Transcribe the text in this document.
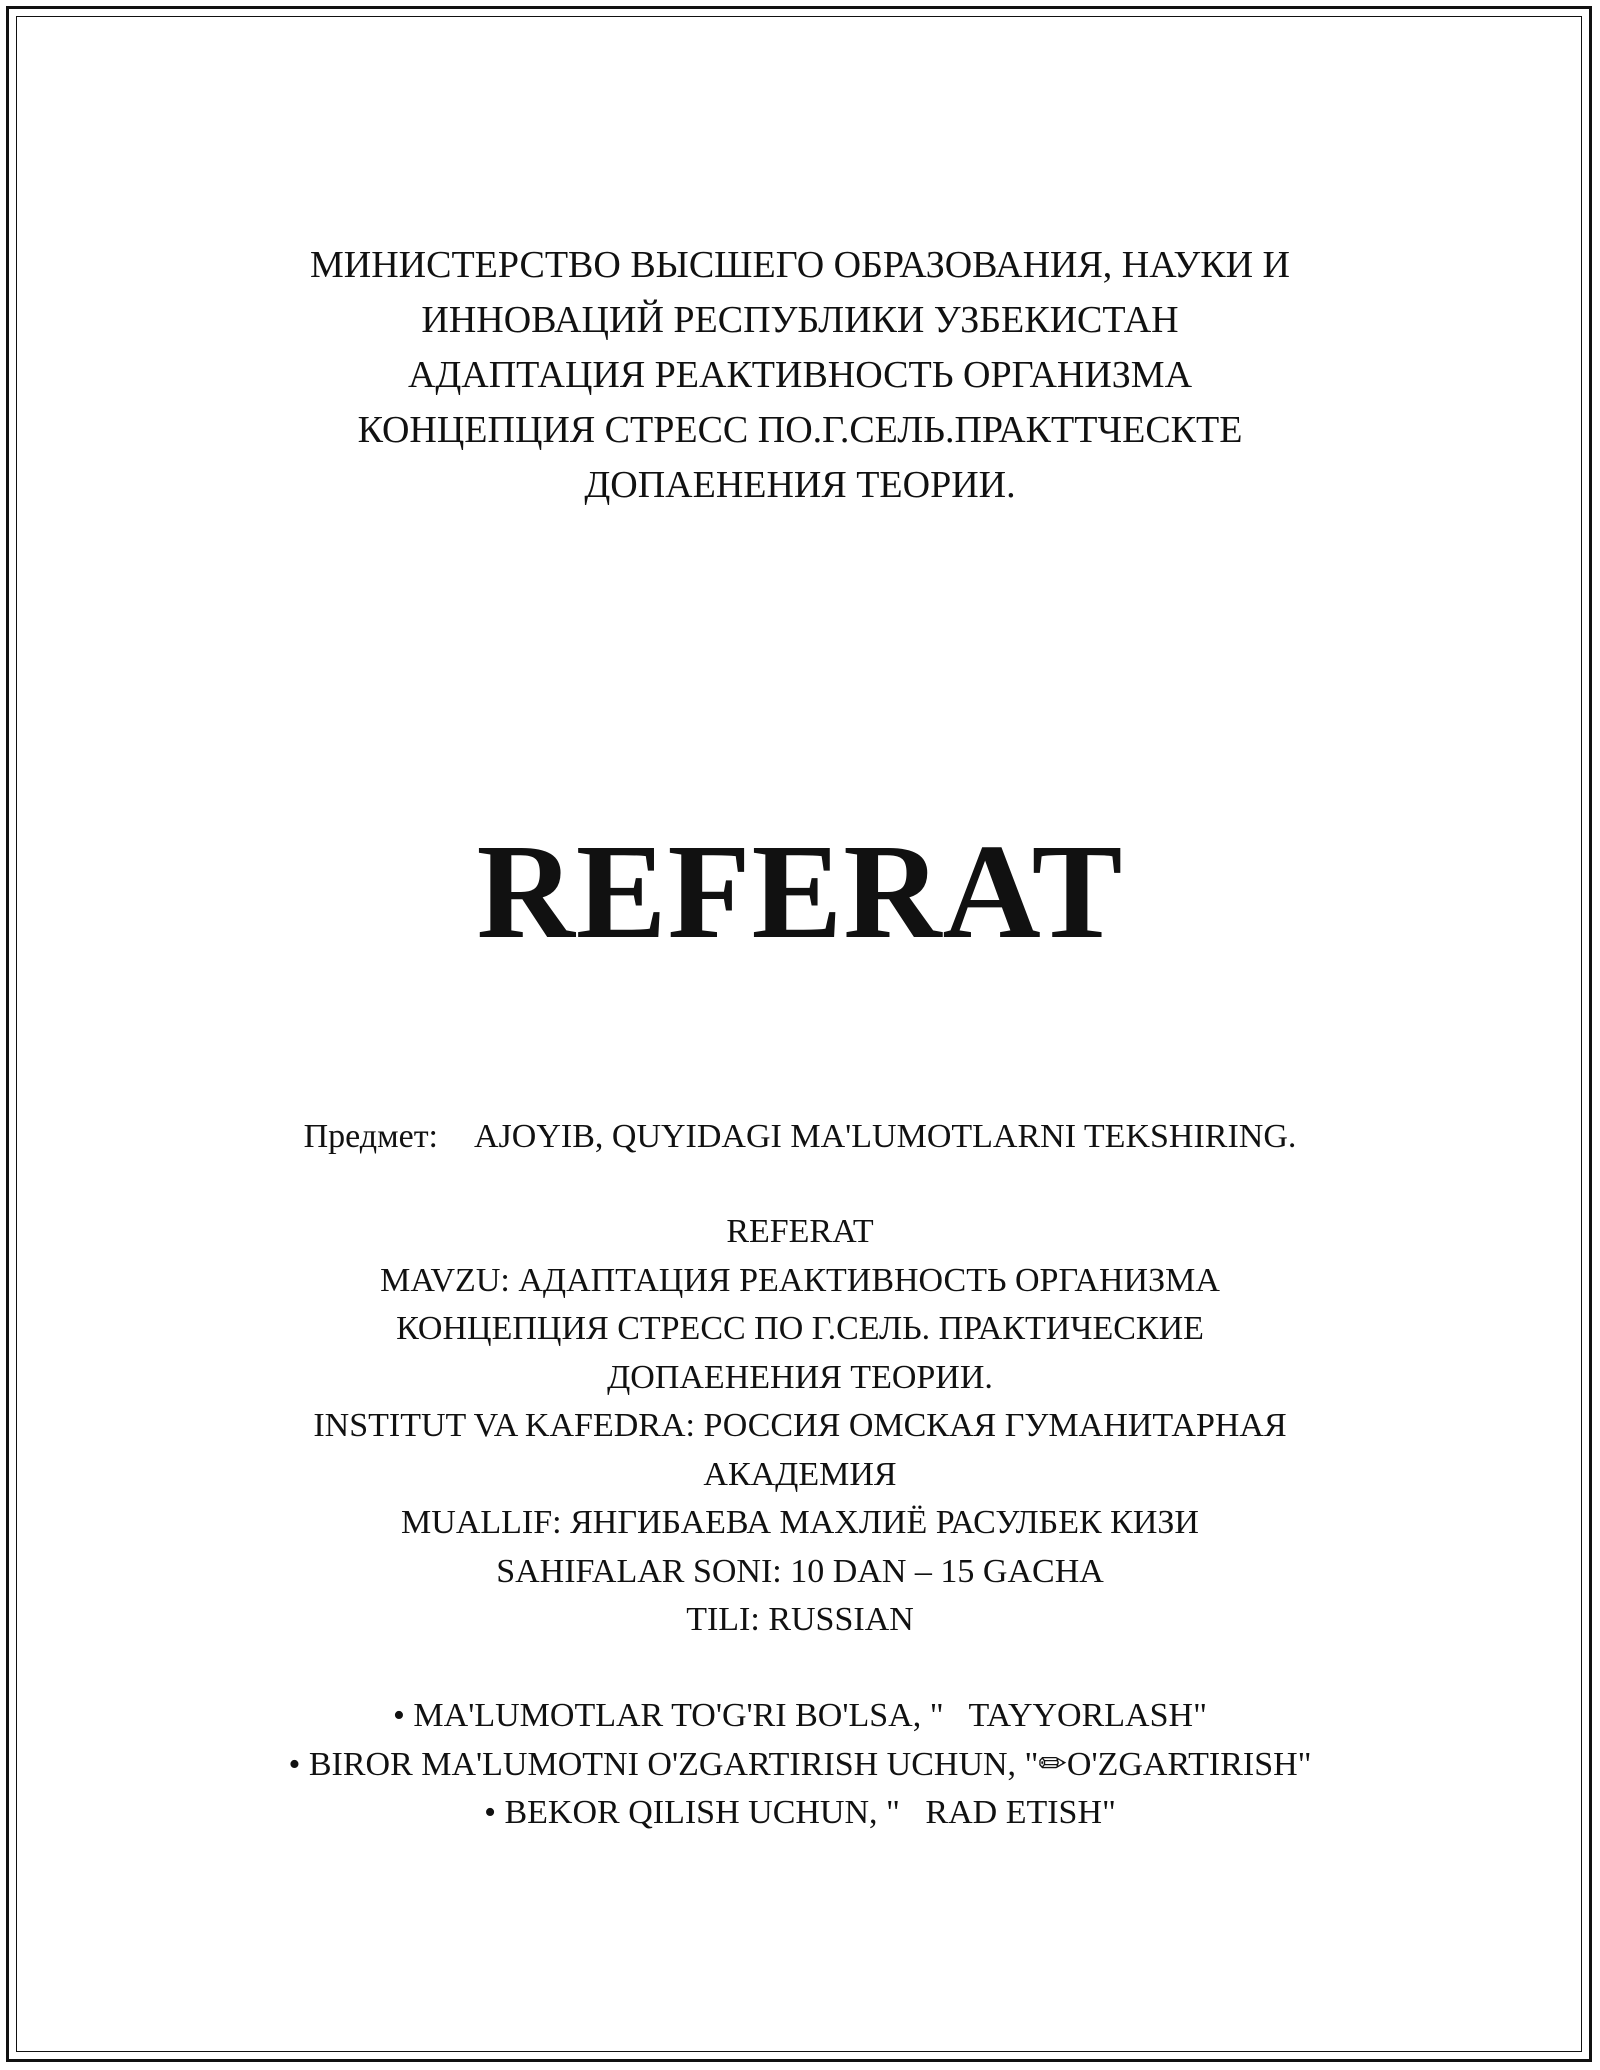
МИНИСТЕРСТВО ВЫСШЕГО ОБРАЗОВАНИЯ, НАУКИ И
ИННОВАЦИЙ РЕСПУБЛИКИ УЗБЕКИСТАН
АДАПТАЦИЯ РЕАКТИВНОСТЬ ОРГАНИЗМА
КОНЦЕПЦИЯ СТРЕСС ПО.Г.СЕЛЬ.ПРАКТТЧЕСКТЕ
ДОПАЕНЕНИЯ ТЕОРИИ.
REFERAT
Предмет: AJOYIB, QUYIDAGI MA'LUMOTLARNI TEKSHIRING.
REFERAT
MAVZU: АДАПТАЦИЯ РЕАКТИВНОСТЬ ОРГАНИЗМА
КОНЦЕПЦИЯ СТРЕСС ПО Г.СЕЛЬ. ПРАКТИЧЕСКИЕ
ДОПАЕНЕНИЯ ТЕОРИИ.
INSTITUT VA KAFEDRA: РОССИЯ ОМСКАЯ ГУМАНИТАРНАЯ
АКАДЕМИЯ
MUALLIF: ЯНГИБАЕВА МАХЛИЁ РАСУЛБЕК КИЗИ
SAHIFALAR SONI: 10 DAN – 15 GACHA
TILI: RUSSIAN
• MA'LUMOTLAR TO'G'RI BO'LSA, "   TAYYORLASH"
• BIROR MA'LUMOTNI O'ZGARTIRISH UCHUN, "✏O'ZGARTIRISH"
• BEKOR QILISH UCHUN, "   RAD ETISH"
